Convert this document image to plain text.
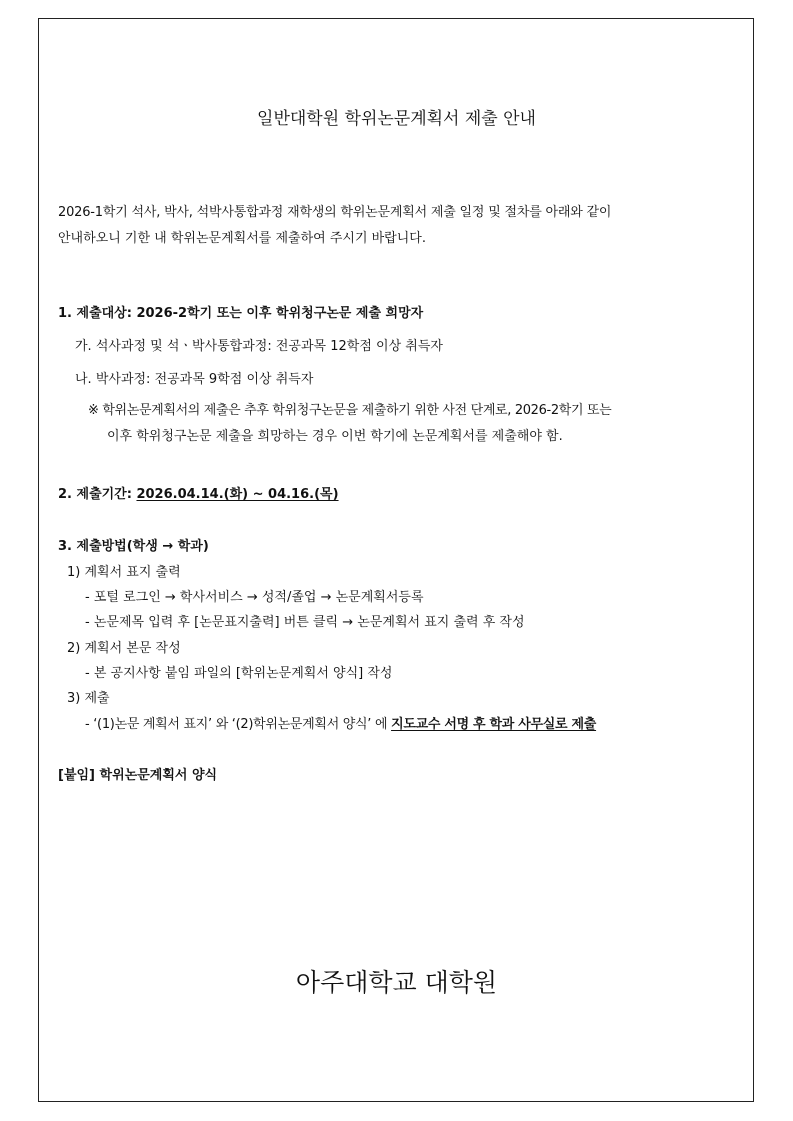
일반대학원 학위논문계획서 제출 안내
2026-1학기 석사, 박사, 석박사통합과정 재학생의 학위논문계획서 제출 일정 및 절차를 아래와 같이
안내하오니 기한 내 학위논문계획서를 제출하여 주시기 바랍니다.
1. 제출대상: 2026-2학기 또는 이후 학위청구논문 제출 희망자
가. 석사과정 및 석ㆍ박사통합과정: 전공과목 12학점 이상 취득자
나. 박사과정: 전공과목 9학점 이상 취득자
※ 학위논문계획서의 제출은 추후 학위청구논문을 제출하기 위한 사전 단계로, 2026-2학기 또는
이후 학위청구논문 제출을 희망하는 경우 이번 학기에 논문계획서를 제출해야 함.
2. 제출기간: 2026.04.14.(화) ~ 04.16.(목)
3. 제출방법(학생 → 학과)
1) 계획서 표지 출력
- 포털 로그인 → 학사서비스 → 성적/졸업 → 논문계획서등록
- 논문제목 입력 후 [논문표지출력] 버튼 클릭 → 논문계획서 표지 출력 후 작성
2) 계획서 본문 작성
- 본 공지사항 붙임 파일의 [학위논문계획서 양식] 작성
3) 제출
- ‘(1)논문 계획서 표지’ 와 ‘(2)학위논문계획서 양식’ 에 지도교수 서명 후 학과 사무실로 제출
[붙임] 학위논문계획서 양식
아주대학교 대학원
